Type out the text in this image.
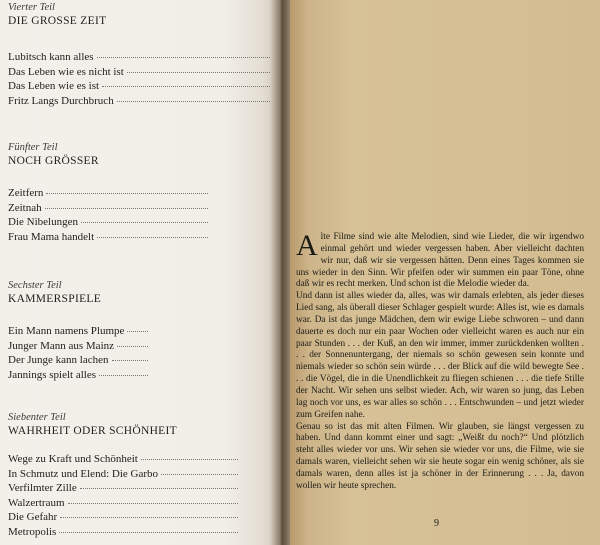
Vierter Teil
DIE GROSSE ZEIT
Lubitsch kann alles
Das Leben wie es nicht ist
Das Leben wie es ist
Fritz Langs Durchbruch
Fünfter Teil
NOCH GRÖSSER
Zeitfern
Zeitnah
Die Nibelungen
Frau Mama handelt
Sechster Teil
KAMMERSPIELE
Ein Mann namens Plumpe
Junger Mann aus Mainz
Der Junge kann lachen
Jannings spielt alles
Siebenter Teil
WAHRHEIT ODER SCHÖNHEIT
Wege zu Kraft und Schönheit
In Schmutz und Elend: Die Garbo
Verfilmter Zille
Walzertraum
Die Gefahr
Metropolis

Alte Filme sind wie alte Melodien, sind wie Lieder, die wir irgendwo einmal gehört und wieder vergessen haben. Aber vielleicht dachten wir nur, daß wir sie vergessen hätten. Denn eines Tages kommen sie uns wieder in den Sinn. Wir pfeifen oder wir summen ein paar Töne, ohne daß wir es recht merken. Und schon ist die Melodie wieder da.

Und dann ist alles wieder da, alles, was wir damals erlebten, als jeder dieses Lied sang, als überall dieser Schlager gespielt wurde: Alles ist, wie es damals war. Da ist das junge Mädchen, dem wir ewige Liebe schworen – und dann dauerte es doch nur ein paar Wochen oder vielleicht waren es auch nur ein paar Stunden . . . der Kuß, an den wir immer, immer zurückdenken wollten . . . der Sonnenuntergang, der niemals so schön gewesen sein konnte und niemals wieder so schön sein würde . . . der Blick auf die wild bewegte See . . . die Vögel, die in die Unendlichkeit zu fliegen schienen . . . die tiefe Stille der Nacht. Wir sehen uns selbst wieder. Ach, wir waren so jung, das Leben lag noch vor uns, es war alles so schön . . . Entschwunden – und jetzt wieder zum Greifen nahe.

Genau so ist das mit alten Filmen. Wir glauben, sie längst vergessen zu haben. Und dann kommt einer und sagt: „Weißt du noch?“ Und plötzlich steht alles wieder vor uns. Wir sehen sie wieder vor uns, die Filme, wie sie damals waren, vielleicht sehen wir sie heute sogar ein wenig schöner, als sie damals waren, denn alles ist ja schöner in der Erinnerung . . . Ja, davon wollen wir heute sprechen.

9
